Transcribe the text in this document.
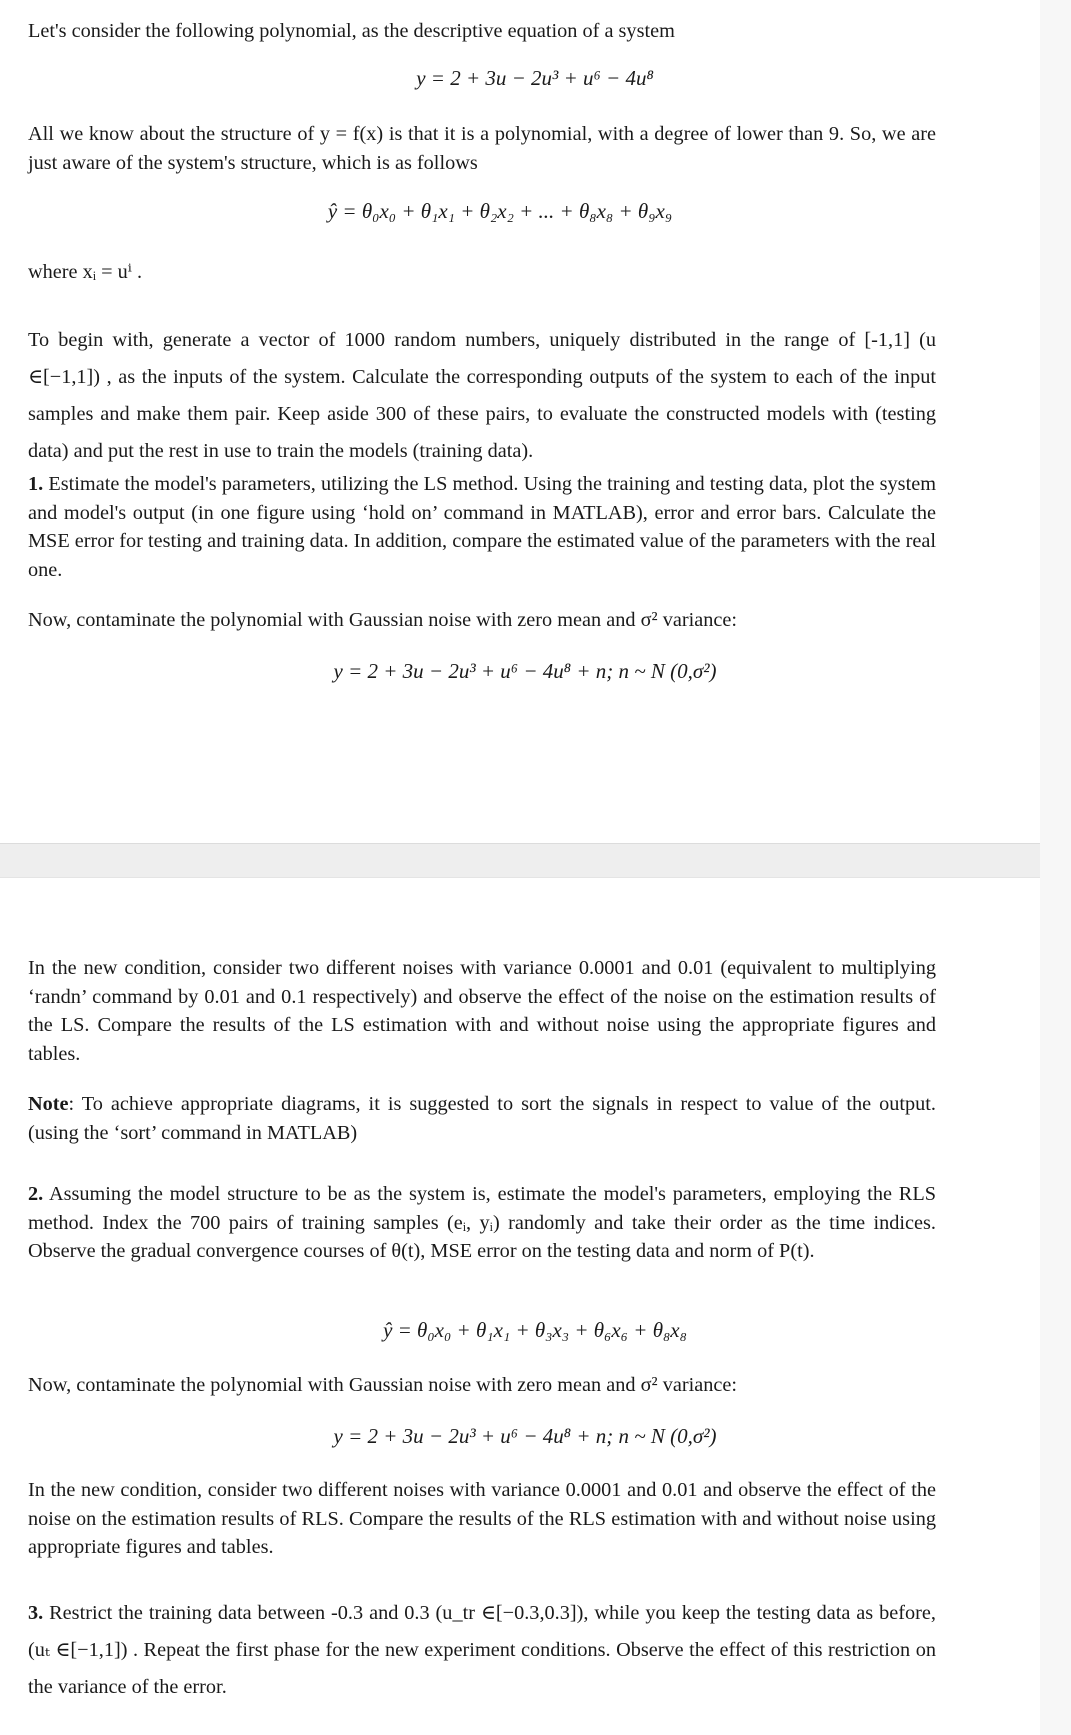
Let's consider the following polynomial, as the descriptive equation of a system

y = 2 + 3u − 2u³ + u⁶ − 4u⁸

All we know about the structure of y = f(x) is that it is a polynomial, with a degree of lower than 9. So, we are just aware of the system's structure, which is as follows

ŷ = θ₀x₀ + θ₁x₁ + θ₂x₂ + ... + θ₈x₈ + θ₉x₉

where xᵢ = uⁱ .

To begin with, generate a vector of 1000 random numbers, uniquely distributed in the range of [-1,1] (u ∈[−1,1]) , as the inputs of the system. Calculate the corresponding outputs of the system to each of the input samples and make them pair. Keep aside 300 of these pairs, to evaluate the constructed models with (testing data) and put the rest in use to train the models (training data).

1. Estimate the model's parameters, utilizing the LS method. Using the training and testing data, plot the system and model's output (in one figure using ‘hold on’ command in MATLAB), error and error bars. Calculate the MSE error for testing and training data. In addition, compare the estimated value of the parameters with the real one.

Now, contaminate the polynomial with Gaussian noise with zero mean and σ² variance:

y = 2 + 3u − 2u³ + u⁶ − 4u⁸ + n; n ~ N (0,σ²)

In the new condition, consider two different noises with variance 0.0001 and 0.01 (equivalent to multiplying ‘randn’ command by 0.01 and 0.1 respectively) and observe the effect of the noise on the estimation results of the LS. Compare the results of the LS estimation with and without noise using the appropriate figures and tables.

Note: To achieve appropriate diagrams, it is suggested to sort the signals in respect to value of the output. (using the ‘sort’ command in MATLAB)

2. Assuming the model structure to be as the system is, estimate the model's parameters, employing the RLS method. Index the 700 pairs of training samples (eᵢ, yᵢ) randomly and take their order as the time indices. Observe the gradual convergence courses of θ(t), MSE error on the testing data and norm of P(t).

ŷ = θ₀x₀ + θ₁x₁ + θ₃x₃ + θ₆x₆ + θ₈x₈

Now, contaminate the polynomial with Gaussian noise with zero mean and σ² variance:

y = 2 + 3u − 2u³ + u⁶ − 4u⁸ + n; n ~ N (0,σ²)

In the new condition, consider two different noises with variance 0.0001 and 0.01 and observe the effect of the noise on the estimation results of RLS. Compare the results of the RLS estimation with and without noise using appropriate figures and tables.

3. Restrict the training data between -0.3 and 0.3 (u_tr ∈[−0.3,0.3]), while you keep the testing data as before, (uₜ ∈[−1,1]) . Repeat the first phase for the new experiment conditions. Observe the effect of this restriction on the variance of the error.
